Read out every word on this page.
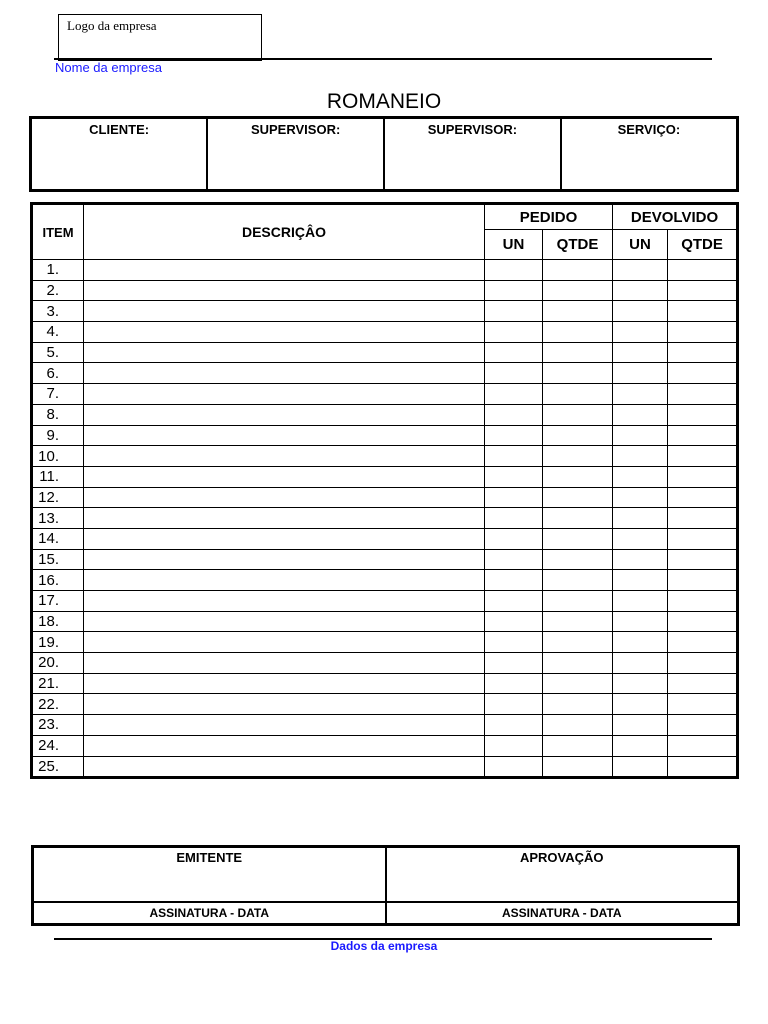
Logo da empresa
Nome da empresa
ROMANEIO
CLIENTE:	SUPERVISOR:	SUPERVISOR:	SERVIÇO:
ITEM	DESCRIÇÂO	PEDIDO		DEVOLVIDO	
		UN	QTDE	UN	QTDE
1.					
2.					
3.					
4.					
5.					
6.					
7.					
8.					
9.					
10.					
11.					
12.					
13.					
14.					
15.					
16.					
17.					
18.					
19.					
20.					
21.					
22.					
23.					
24.					
25.					
EMITENTE	APROVAÇÃO
ASSINATURA - DATA	ASSINATURA - DATA
Dados da empresa
